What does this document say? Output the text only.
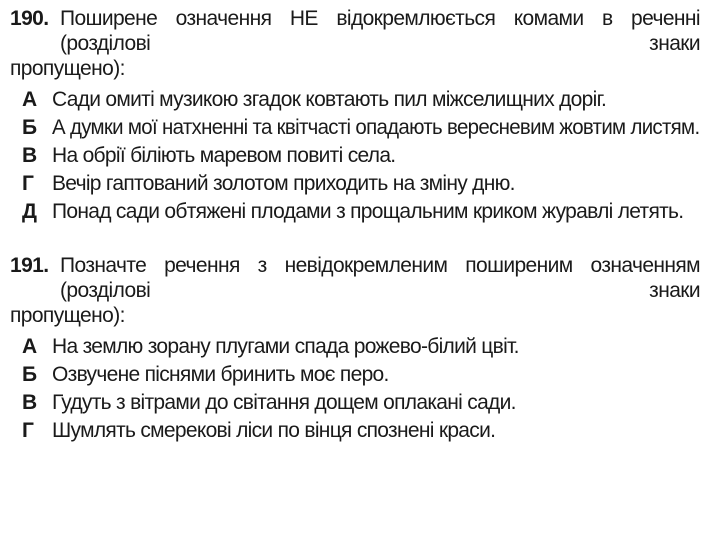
190. Поширене означення НЕ відокремлюється комами в реченні (розділові знаки
пропущено):
А Сади омиті музикою згадок ковтають пил міжселищних доріг.
Б А думки мої натхненні та квітчасті опадають вересневим жовтим листям.
В На обрії біліють маревом повиті села.
Г Вечір гаптований золотом приходить на зміну дню.
Д Понад сади обтяжені плодами з прощальним криком журавлі летять.
191. Позначте речення з невідокремленим поширеним означенням (розділові знаки
пропущено):
А На землю зорану плугами спада рожево-білий цвіт.
Б Озвучене піснями бринить моє перо.
В Гудуть з вітрами до світання дощем оплакані сади.
Г Шумлять смерекові ліси по вінця спознені краси.
